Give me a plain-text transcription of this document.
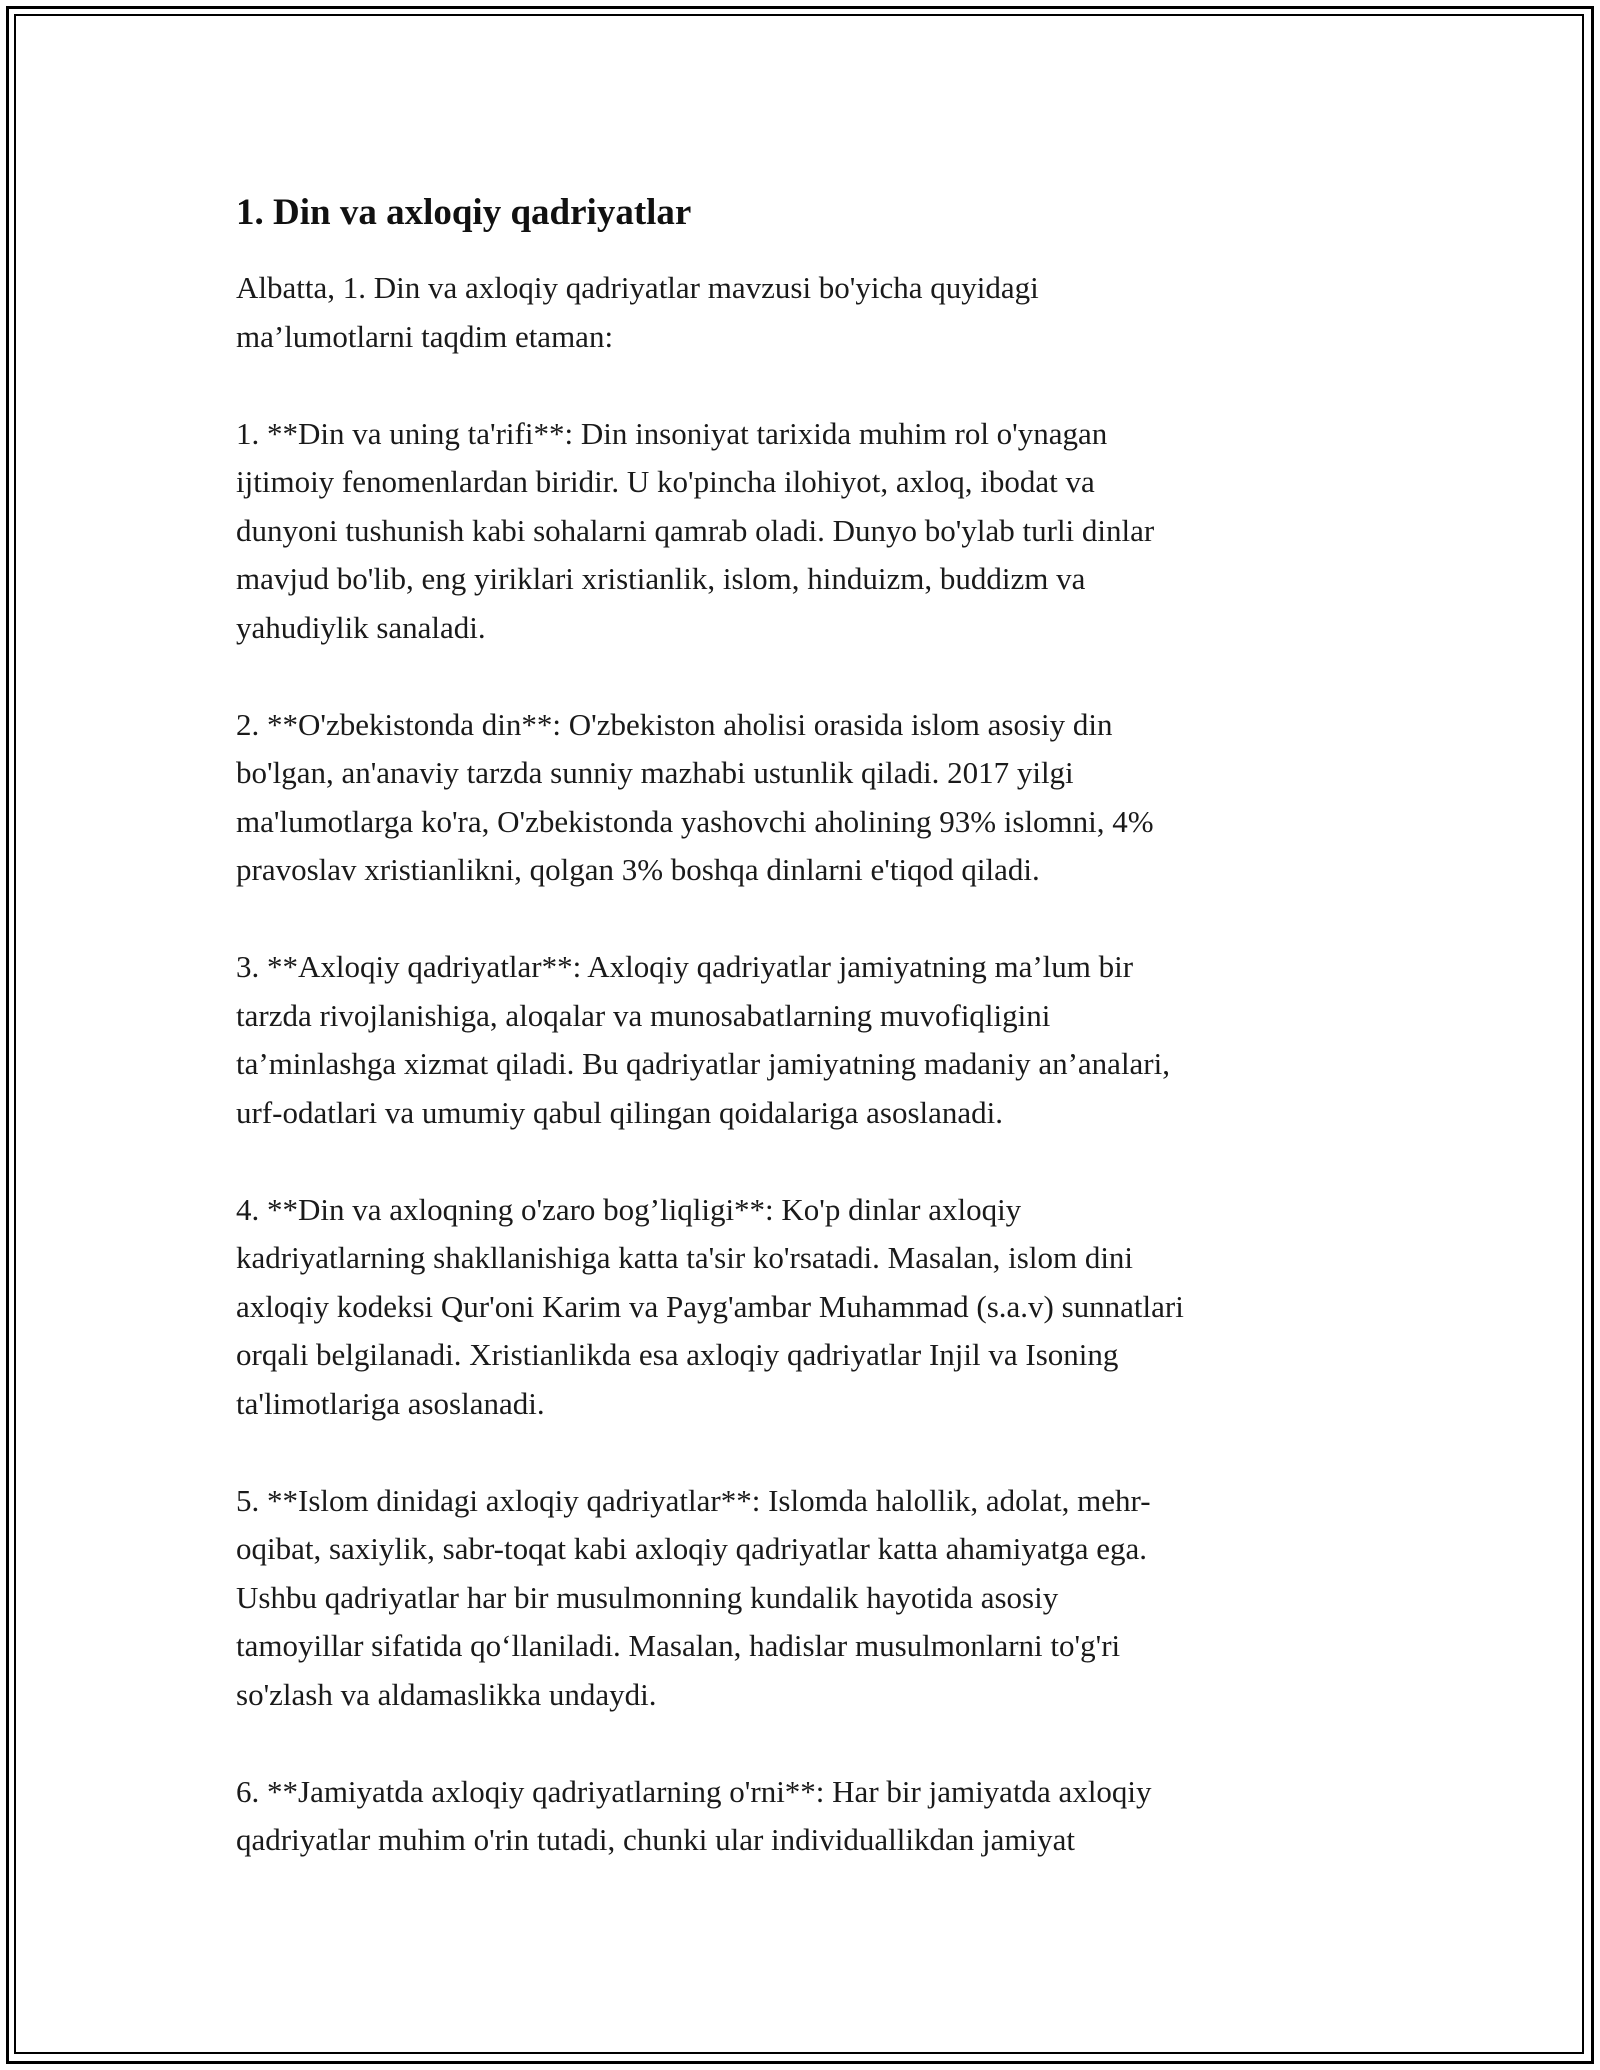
1. Din va axloqiy qadriyatlar

Albatta, 1. Din va axloqiy qadriyatlar mavzusi bo'yicha quyidagi
ma’lumotlarni taqdim etaman:

1. **Din va uning ta'rifi**: Din insoniyat tarixida muhim rol o'ynagan
ijtimoiy fenomenlardan biridir. U ko'pincha ilohiyot, axloq, ibodat va
dunyoni tushunish kabi sohalarni qamrab oladi. Dunyo bo'ylab turli dinlar
mavjud bo'lib, eng yiriklari xristianlik, islom, hinduizm, buddizm va
yahudiylik sanaladi.

2. **O'zbekistonda din**: O'zbekiston aholisi orasida islom asosiy din
bo'lgan, an'anaviy tarzda sunniy mazhabi ustunlik qiladi. 2017 yilgi
ma'lumotlarga ko'ra, O'zbekistonda yashovchi aholining 93% islomni, 4%
pravoslav xristianlikni, qolgan 3% boshqa dinlarni e'tiqod qiladi.

3. **Axloqiy qadriyatlar**: Axloqiy qadriyatlar jamiyatning ma’lum bir
tarzda rivojlanishiga, aloqalar va munosabatlarning muvofiqligini
ta’minlashga xizmat qiladi. Bu qadriyatlar jamiyatning madaniy an’analari,
urf-odatlari va umumiy qabul qilingan qoidalariga asoslanadi.

4. **Din va axloqning o'zaro bog’liqligi**: Ko'p dinlar axloqiy
kadriyatlarning shakllanishiga katta ta'sir ko'rsatadi. Masalan, islom dini
axloqiy kodeksi Qur'oni Karim va Payg'ambar Muhammad (s.a.v) sunnatlari
orqali belgilanadi. Xristianlikda esa axloqiy qadriyatlar Injil va Isoning
ta'limotlariga asoslanadi.

5. **Islom dinidagi axloqiy qadriyatlar**: Islomda halollik, adolat, mehr-
oqibat, saxiylik, sabr-toqat kabi axloqiy qadriyatlar katta ahamiyatga ega.
Ushbu qadriyatlar har bir musulmonning kundalik hayotida asosiy
tamoyillar sifatida qo‘llaniladi. Masalan, hadislar musulmonlarni to'g'ri
so'zlash va aldamaslikka undaydi.

6. **Jamiyatda axloqiy qadriyatlarning o'rni**: Har bir jamiyatda axloqiy
qadriyatlar muhim o'rin tutadi, chunki ular individuallikdan jamiyat
